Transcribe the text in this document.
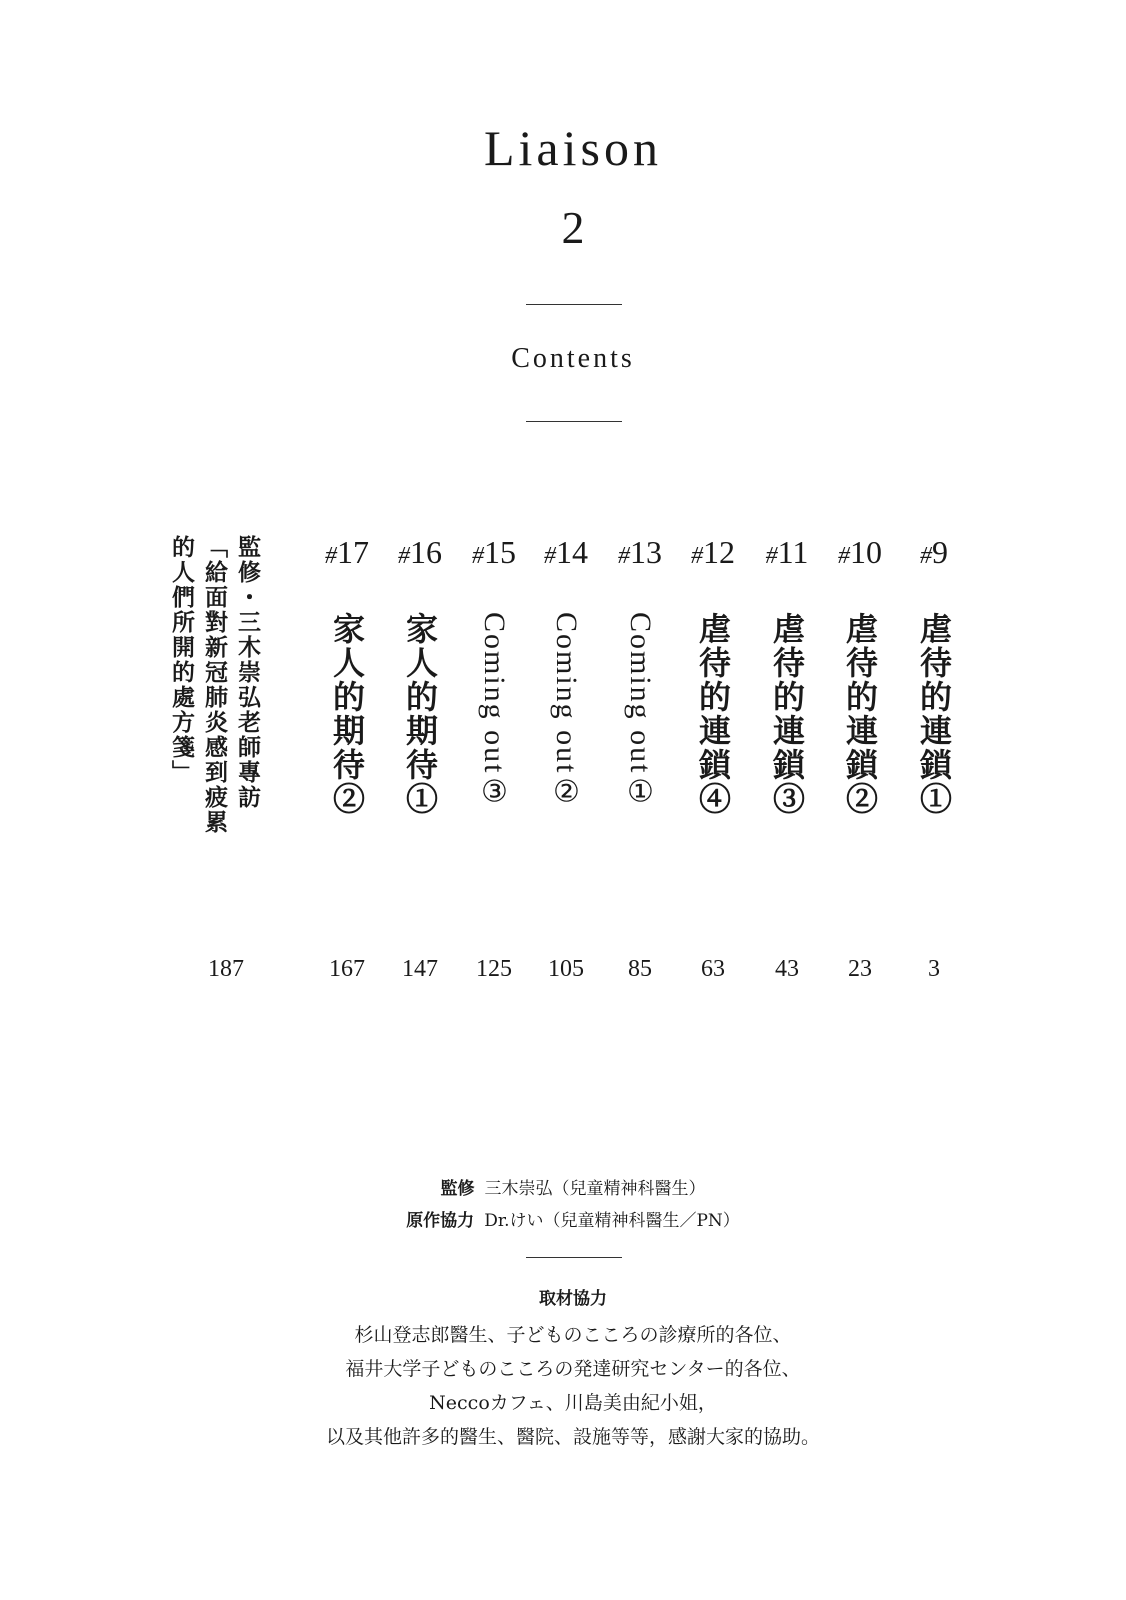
Liaison
2
Contents
#9
虐待的連鎖①
3
#10
虐待的連鎖②
23
#11
虐待的連鎖③
43
#12
虐待的連鎖④
63
#13
Coming out①
85
#14
Coming out②
105
#15
Coming out③
125
#16
家人的期待①
147
#17
家人的期待②
167
監修・三木崇弘老師專訪
「給面對新冠肺炎感到疲累
的人們所開的處方箋」
187
監修 三木崇弘（兒童精神科醫生）
原作協力 Dr.けい（兒童精神科醫生／PN）
取材協力
杉山登志郎醫生、子どものこころの診療所的各位、
福井大学子どものこころの発達研究センター的各位、
Neccoカフェ、川島美由紀小姐，
以及其他許多的醫生、醫院、設施等等，感謝大家的協助。
